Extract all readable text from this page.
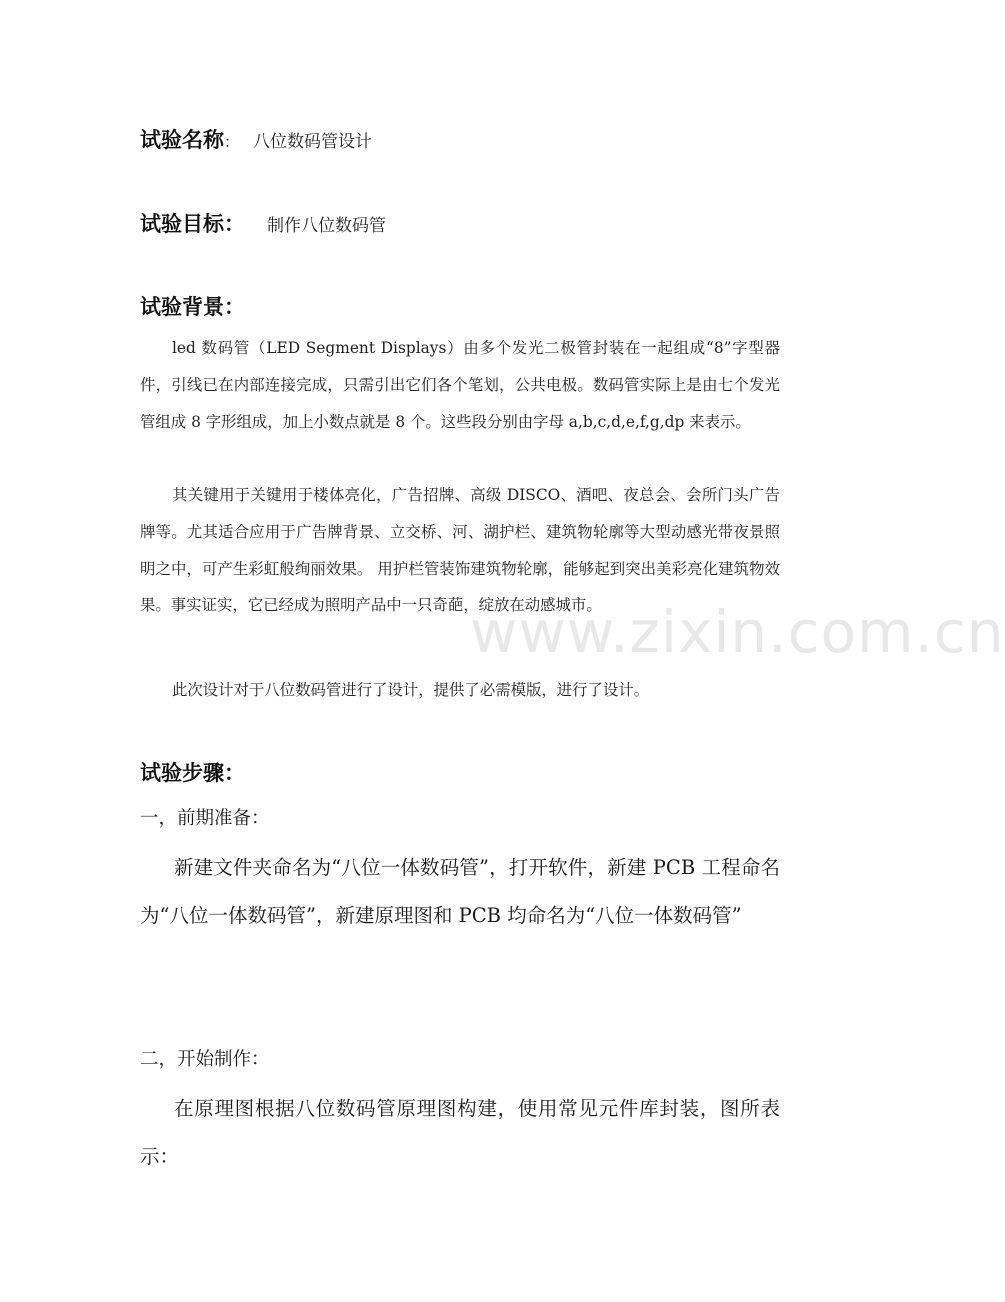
试验名称： 八位数码管设计
试验目标： 制作八位数码管
试验背景：

led 数码管（LED Segment Displays）由多个发光二极管封装在一起组成“8”字型器件，引线已在内部连接完成，只需引出它们各个笔划，公共电极。数码管实际上是由七个发光管组成 8 字形组成，加上小数点就是 8 个。这些段分别由字母 a,b,c,d,e,f,g,dp 来表示。

其关键用于关键用于楼体亮化，广告招牌、高级 DISCO、酒吧、夜总会、会所门头广告牌等。尤其适合应用于广告牌背景、立交桥、河、湖护栏、建筑物轮廓等大型动感光带夜景照明之中，可产生彩虹般绚丽效果。 用护栏管装饰建筑物轮廓，能够起到突出美彩亮化建筑物效果。事实证实，它已经成为照明产品中一只奇葩，绽放在动感城市。

此次设计对于八位数码管进行了设计，提供了必需模版，进行了设计。

试验步骤：
一，前期准备：

新建文件夹命名为“八位一体数码管”，打开软件，新建 PCB 工程命名为“八位一体数码管”，新建原理图和 PCB 均命名为“八位一体数码管”

二，开始制作：

在原理图根据八位数码管原理图构建，使用常见元件库封装，图所表示：

www.zixin.com.cn
